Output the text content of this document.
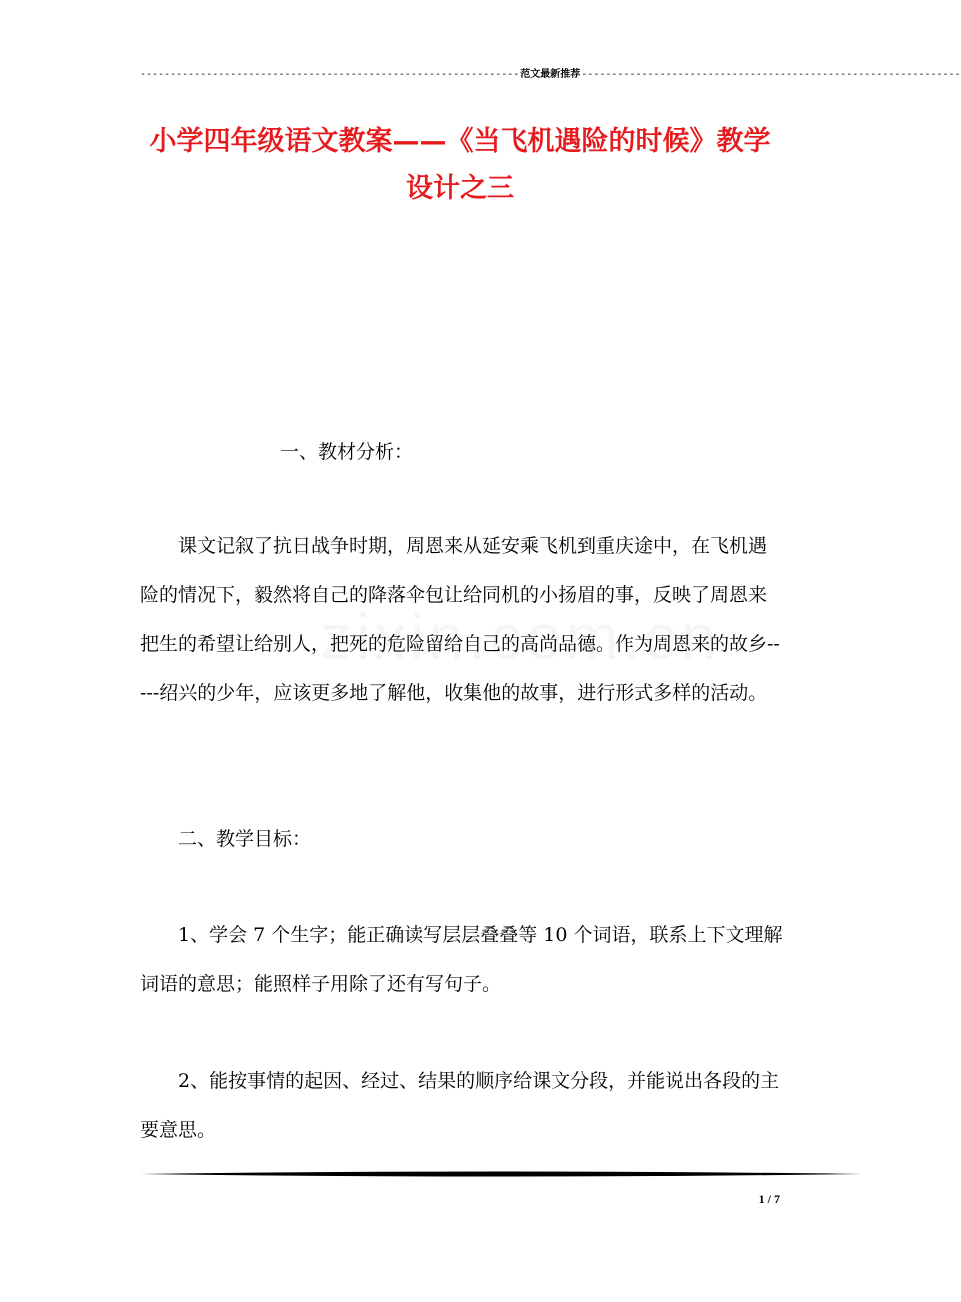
---------------------------------------------------------------范文最新推荐---------------------------------------------------------------
小学四年级语文教案——《当飞机遇险的时候》教学
设计之三
一、教材分析：

课文记叙了抗日战争时期，周恩来从延安乘飞机到重庆途中，在飞机遇险的情况下，毅然将自己的降落伞包让给同机的小扬眉的事，反映了周恩来把生的希望让给别人，把死的危险留给自己的高尚品德。作为周恩来的故乡-----绍兴的少年，应该更多地了解他，收集他的故事，进行形式多样的活动。

二、教学目标：

1、学会 7 个生字；能正确读写层层叠叠等 10 个词语，联系上下文理解词语的意思；能照样子用除了还有写句子。

2、能按事情的起因、经过、结果的顺序给课文分段，并能说出各段的主要意思。

1 / 7
